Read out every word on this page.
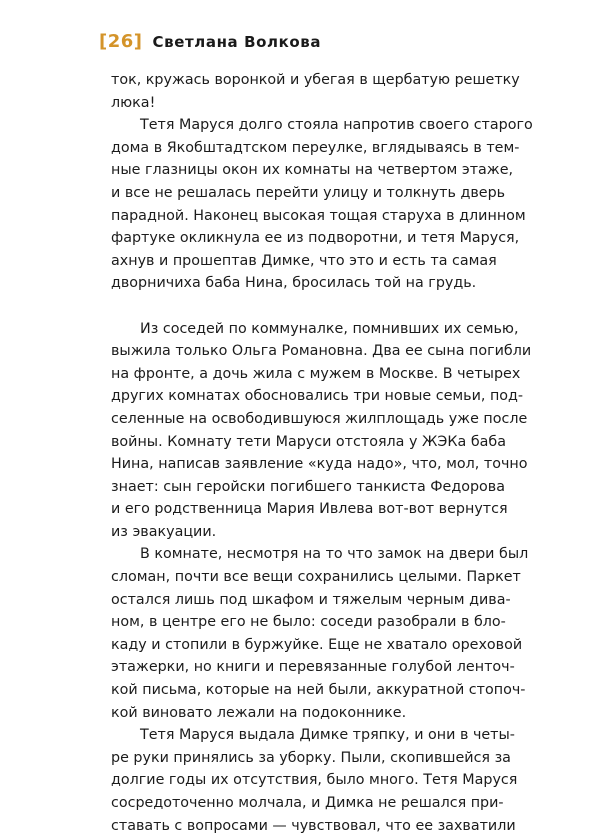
[26] Светлана Волкова
ток, кружась воронкой и убегая в щербатую решетку
люка!
Тетя Маруся долго стояла напротив своего старого
дома в Якобштадтском переулке, вглядываясь в тем-
ные глазницы окон их комнаты на четвертом этаже,
и все не решалась перейти улицу и толкнуть дверь
парадной. Наконец высокая тощая старуха в длинном
фартуке окликнула ее из подворотни, и тетя Маруся,
ахнув и прошептав Димке, что это и есть та самая
дворничиха баба Нина, бросилась той на грудь.
Из соседей по коммуналке, помнивших их семью,
выжила только Ольга Романовна. Два ее сына погибли
на фронте, а дочь жила с мужем в Москве. В четырех
других комнатах обосновались три новые семьи, под-
селенные на освободившуюся жилплощадь уже после
войны. Комнату тети Маруси отстояла у ЖЭКа баба
Нина, написав заявление «куда надо», что, мол, точно
знает: сын геройски погибшего танкиста Федорова
и его родственница Мария Ивлева вот-вот вернутся
из эвакуации.
В комнате, несмотря на то что замок на двери был
сломан, почти все вещи сохранились целыми. Паркет
остался лишь под шкафом и тяжелым черным дива-
ном, в центре его не было: соседи разобрали в бло-
каду и стопили в буржуйке. Еще не хватало ореховой
этажерки, но книги и перевязанные голубой ленточ-
кой письма, которые на ней были, аккуратной стопоч-
кой виновато лежали на подоконнике.
Тетя Маруся выдала Димке тряпку, и они в четы-
ре руки принялись за уборку. Пыли, скопившейся за
долгие годы их отсутствия, было много. Тетя Маруся
сосредоточенно молчала, и Димка не решался при-
ставать с вопросами — чувствовал, что ее захватили
